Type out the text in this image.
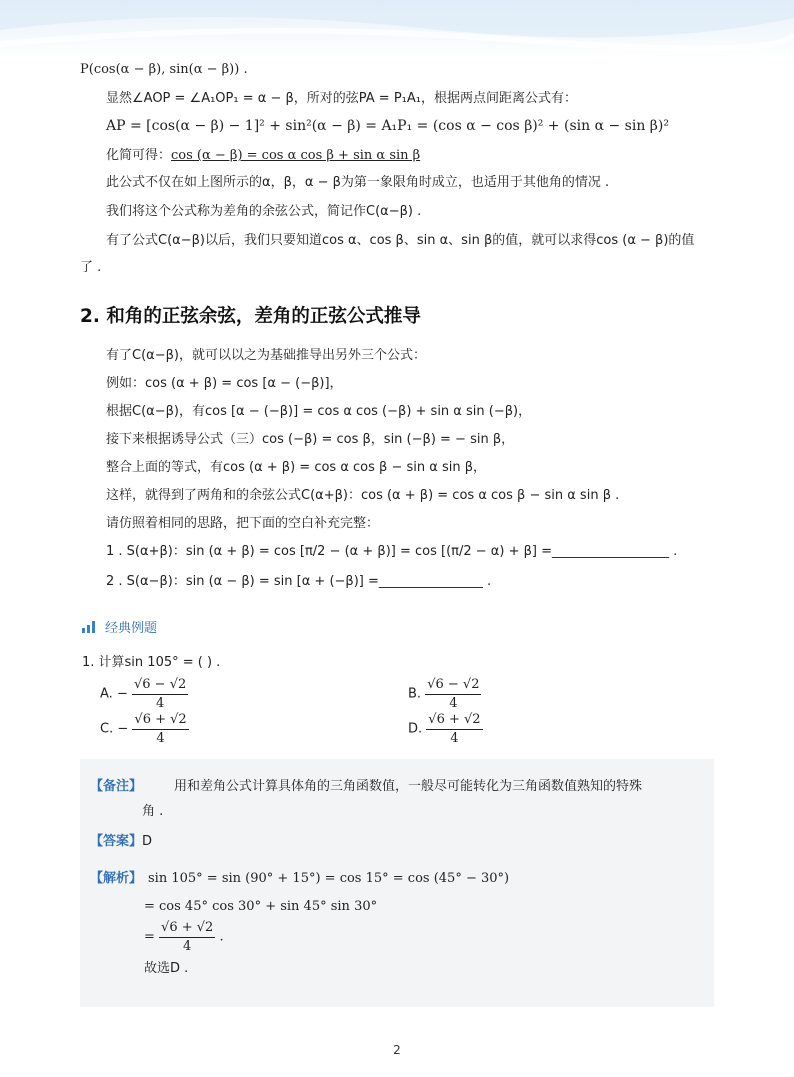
P(cos(α − β), sin(α − β)) .
显然∠AOP = ∠A₁OP₁ = α − β，所对的弦PA = P₁A₁，根据两点间距离公式有：
AP = [cos(α − β) − 1]² + sin²(α − β) = A₁P₁ = (cos α − cos β)² + (sin α − sin β)²
化简可得：cos (α − β) = cos α cos β + sin α sin β
此公式不仅在如上图所示的α，β，α − β为第一象限角时成立，也适用于其他角的情况 .
我们将这个公式称为差角的余弦公式，简记作C(α−β) .
有了公式C(α−β)以后，我们只要知道cos α、cos β、sin α、sin β的值，就可以求得cos (α − β)的值
了 .
2. 和角的正弦余弦，差角的正弦公式推导
有了C(α−β)，就可以以之为基础推导出另外三个公式：
例如：cos (α + β) = cos [α − (−β)]，
根据C(α−β)，有cos [α − (−β)] = cos α cos (−β) + sin α sin (−β)，
接下来根据诱导公式（三）cos (−β) = cos β，sin (−β) = − sin β，
整合上面的等式，有cos (α + β) = cos α cos β − sin α sin β，
这样，就得到了两角和的余弦公式C(α+β)：cos (α + β) = cos α cos β − sin α sin β .
请仿照着相同的思路，把下面的空白补充完整：
1 . S(α+β)：sin (α + β) = cos [π/2 − (α + β)] = cos [(π/2 − α) + β] =__________________ .
2 . S(α−β)：sin (α − β) = sin [α + (−β)] =________________ .
经典例题
1. 计算sin 105° = ( ) .
A. − $\frac{√6 - √2}{4}$	B. $\frac{√6 - √2}{4}$
C. − $\frac{√6 + √2}{4}$	D. $\frac{√6 + √2}{4}$
【备注】 用和差角公式计算具体角的三角函数值，一般尽可能转化为三角函数值熟知的特殊
角 .
【答案】D
【解析】 sin 105° = sin (90° + 15°) = cos 15° = cos (45° − 30°)
= cos 45° cos 30° + sin 45° sin 30°
= $\frac{√6 + √2}{4}$ .
故选D .
2
